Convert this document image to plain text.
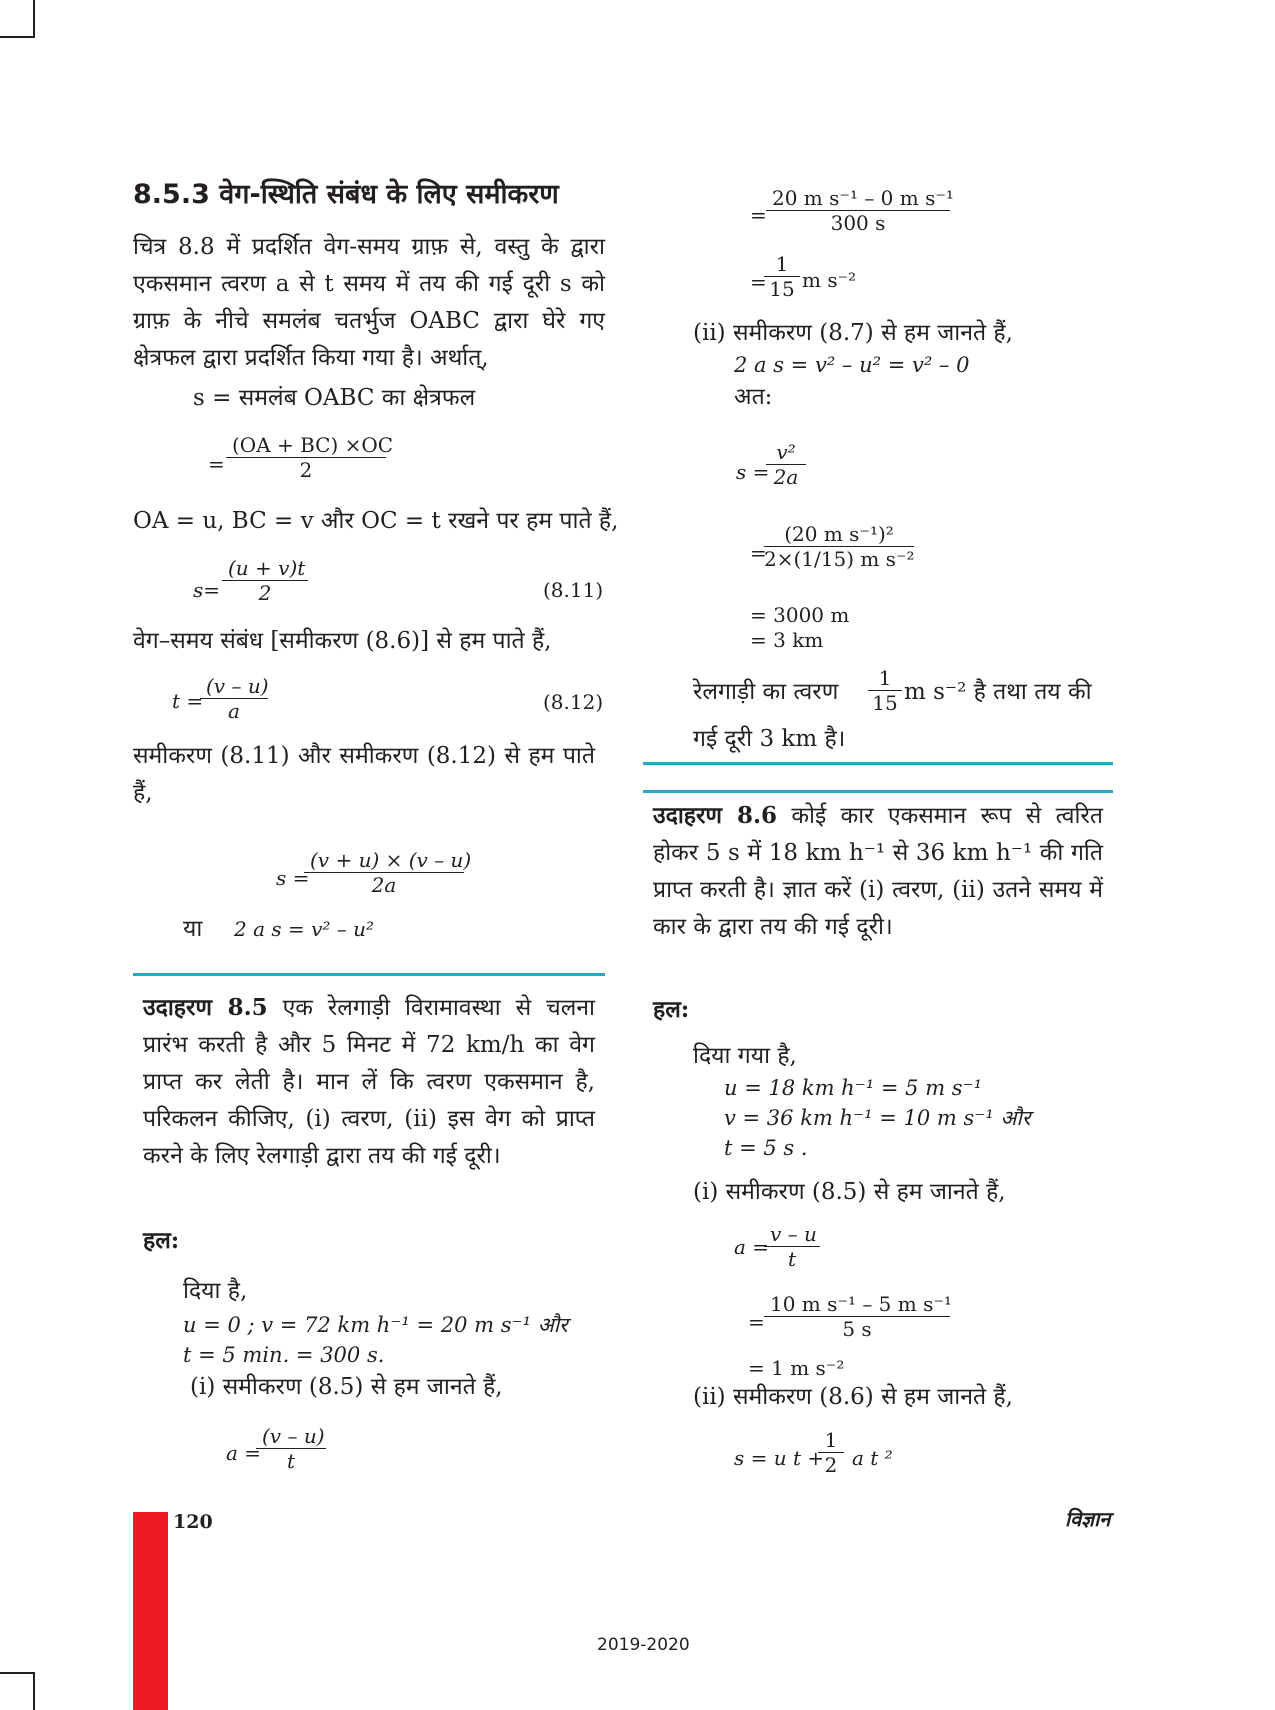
8.5.3 वेग-स्थिति संबंध के लिए समीकरण
चित्र 8.8 में प्रदर्शित वेग-समय ग्राफ़ से, वस्तु के द्वारा एकसमान त्वरण a से t समय में तय की गई दूरी s को ग्राफ़ के नीचे समलंब चतर्भुज OABC द्वारा घेरे गए क्षेत्रफल द्वारा प्रदर्शित किया गया है। अर्थात्,
s = समलंब OABC का क्षेत्रफल
= $\frac{(OA + BC) \times OC}{2}$
OA = u, BC = v और OC = t रखने पर हम पाते हैं,
$s= \frac{(u + v)t}{2}$	(8.11)
वेग–समय संबंध [समीकरण (8.6)] से हम पाते हैं,
t =
$\frac{(v - u)}{a}$	(8.12)
समीकरण (8.11) और समीकरण (8.12) से हम पाते हैं,
s =
$\frac{(v + u) \times (v - u)}{2a}$
या 2 a s = v² – u²
उदाहरण 8.5 एक रेलगाड़ी विरामावस्था से चलना प्रारंभ करती है और 5 मिनट में 72 km/h का वेग प्राप्त कर लेती है। मान लें कि त्वरण एकसमान है, परिकलन कीजिए, (i) त्वरण, (ii) इस वेग को प्राप्त करने के लिए रेलगाड़ी द्वारा तय की गई दूरी।
हल:
दिया है,
u = 0 ; v = 72 km h⁻¹ = 20 m s⁻¹ और
t = 5 min. = 300 s.
(i) समीकरण (8.5) से हम जानते हैं,
a =
$\frac{(v - u)}{t}$
= $\frac{\text{20 m s⁻¹ – 0 m s⁻¹}}{300 s}$
=
$\frac{1}{15}$ m s⁻²
(ii) समीकरण (8.7) से हम जानते हैं,
2 a s = v² – u² = v² – 0
अत:
s =
$\frac{\text{v²}}{2a}$
=
$\frac{\text{(20 m s⁻¹)²}}{\text{2×(1/15) m s⁻²}}$
= 3000 m
= 3 km
रेलगाड़ी का त्वरण $\frac{1}{15}$ m s⁻² है तथा तय की
गई दूरी 3 km है।
उदाहरण 8.6 कोई कार एकसमान रूप से त्वरित होकर 5 s में 18 km h⁻¹ से 36 km h⁻¹ की गति प्राप्त करती है। ज्ञात करें (i) त्वरण, (ii) उतने समय में कार के द्वारा तय की गई दूरी।
हल:
दिया गया है,
u = 18 km h⁻¹ = 5 m s⁻¹
v = 36 km h⁻¹ = 10 m s⁻¹ और
t = 5 s .
(i) समीकरण (8.5) से हम जानते हैं,
a =
$\frac{v - u}{t}$
= $\frac{\text{10 m s⁻¹ – 5 m s⁻¹}}{5 s}$
= 1 m s⁻²
(ii) समीकरण (8.6) से हम जानते हैं,
s = u t +
$\frac{1}{2}$ a t ²
120	विज्ञान
2019-2020
